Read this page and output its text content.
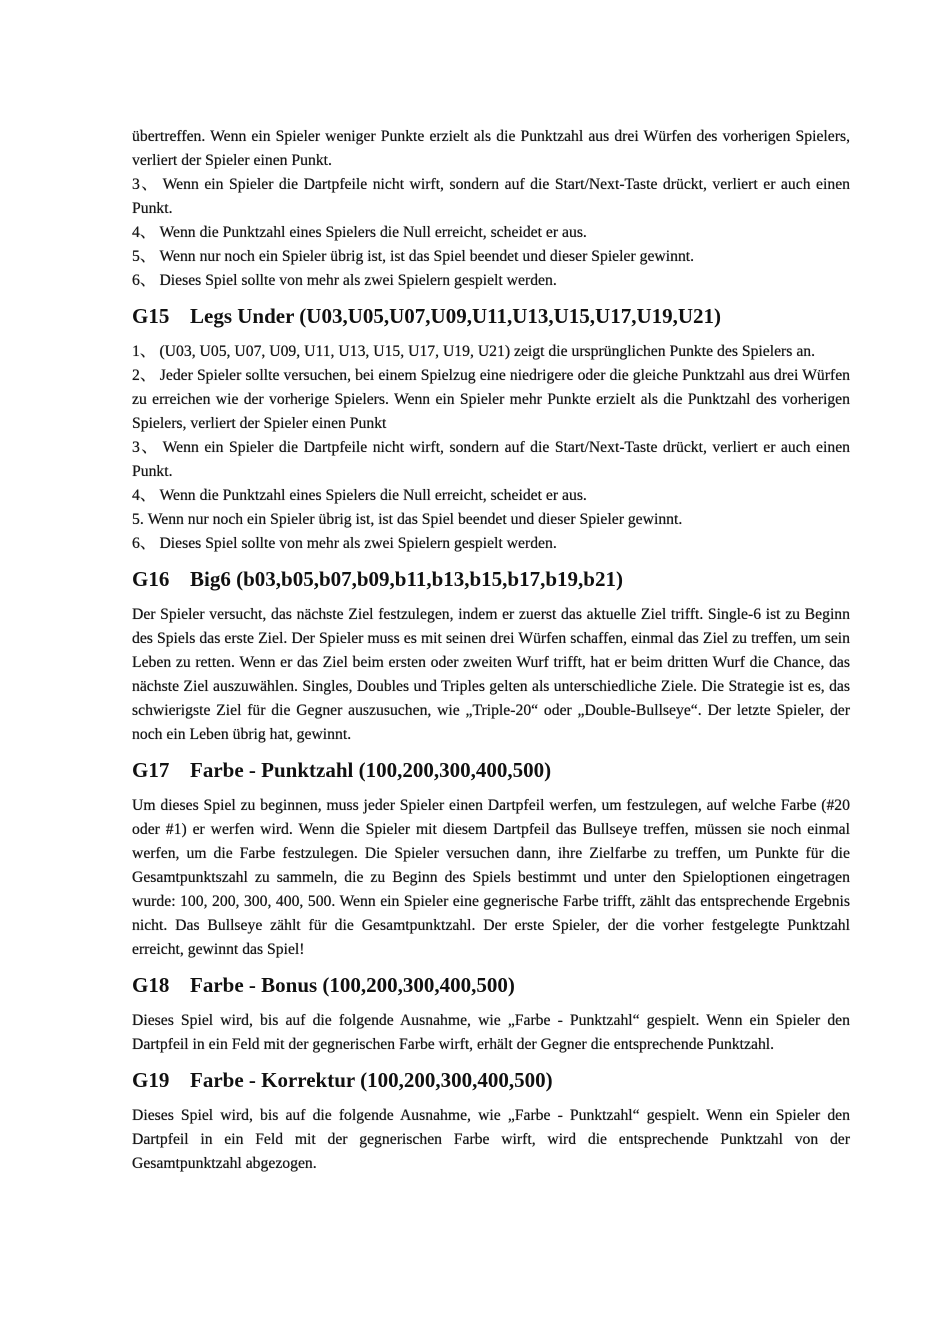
übertreffen. Wenn ein Spieler weniger Punkte erzielt als die Punktzahl aus drei Würfen des vorherigen Spielers, verliert der Spieler einen Punkt.

3、 Wenn ein Spieler die Dartpfeile nicht wirft, sondern auf die Start/Next-Taste drückt, verliert er auch einen Punkt.

4、 Wenn die Punktzahl eines Spielers die Null erreicht, scheidet er aus.

5、 Wenn nur noch ein Spieler übrig ist, ist das Spiel beendet und dieser Spieler gewinnt.

6、 Dieses Spiel sollte von mehr als zwei Spielern gespielt werden.

G15 Legs Under (U03,U05,U07,U09,U11,U13,U15,U17,U19,U21)

1、 (U03, U05, U07, U09, U11, U13, U15, U17, U19, U21) zeigt die ursprünglichen Punkte des Spielers an.

2、 Jeder Spieler sollte versuchen, bei einem Spielzug eine niedrigere oder die gleiche Punktzahl aus drei Würfen zu erreichen wie der vorherige Spielers. Wenn ein Spieler mehr Punkte erzielt als die Punktzahl des vorherigen Spielers, verliert der Spieler einen Punkt

3、 Wenn ein Spieler die Dartpfeile nicht wirft, sondern auf die Start/Next-Taste drückt, verliert er auch einen Punkt.

4、 Wenn die Punktzahl eines Spielers die Null erreicht, scheidet er aus.

5. Wenn nur noch ein Spieler übrig ist, ist das Spiel beendet und dieser Spieler gewinnt.

6、 Dieses Spiel sollte von mehr als zwei Spielern gespielt werden.

G16 Big6 (b03,b05,b07,b09,b11,b13,b15,b17,b19,b21)

Der Spieler versucht, das nächste Ziel festzulegen, indem er zuerst das aktuelle Ziel trifft. Single-6 ist zu Beginn des Spiels das erste Ziel. Der Spieler muss es mit seinen drei Würfen schaffen, einmal das Ziel zu treffen, um sein Leben zu retten. Wenn er das Ziel beim ersten oder zweiten Wurf trifft, hat er beim dritten Wurf die Chance, das nächste Ziel auszuwählen. Singles, Doubles und Triples gelten als unterschiedliche Ziele. Die Strategie ist es, das schwierigste Ziel für die Gegner auszusuchen, wie „Triple-20“ oder „Double-Bullseye“. Der letzte Spieler, der noch ein Leben übrig hat, gewinnt.

G17 Farbe - Punktzahl (100,200,300,400,500)

Um dieses Spiel zu beginnen, muss jeder Spieler einen Dartpfeil werfen, um festzulegen, auf welche Farbe (#20 oder #1) er werfen wird. Wenn die Spieler mit diesem Dartpfeil das Bullseye treffen, müssen sie noch einmal werfen, um die Farbe festzulegen. Die Spieler versuchen dann, ihre Zielfarbe zu treffen, um Punkte für die Gesamtpunktszahl zu sammeln, die zu Beginn des Spiels bestimmt und unter den Spieloptionen eingetragen wurde: 100, 200, 300, 400, 500. Wenn ein Spieler eine gegnerische Farbe trifft, zählt das entsprechende Ergebnis nicht. Das Bullseye zählt für die Gesamtpunktzahl. Der erste Spieler, der die vorher festgelegte Punktzahl erreicht, gewinnt das Spiel!

G18 Farbe - Bonus (100,200,300,400,500)

Dieses Spiel wird, bis auf die folgende Ausnahme, wie „Farbe - Punktzahl“ gespielt. Wenn ein Spieler den Dartpfeil in ein Feld mit der gegnerischen Farbe wirft, erhält der Gegner die entsprechende Punktzahl.

G19 Farbe - Korrektur (100,200,300,400,500)

Dieses Spiel wird, bis auf die folgende Ausnahme, wie „Farbe - Punktzahl“ gespielt. Wenn ein Spieler den Dartpfeil in ein Feld mit der gegnerischen Farbe wirft, wird die entsprechende Punktzahl von der Gesamtpunktzahl abgezogen.
